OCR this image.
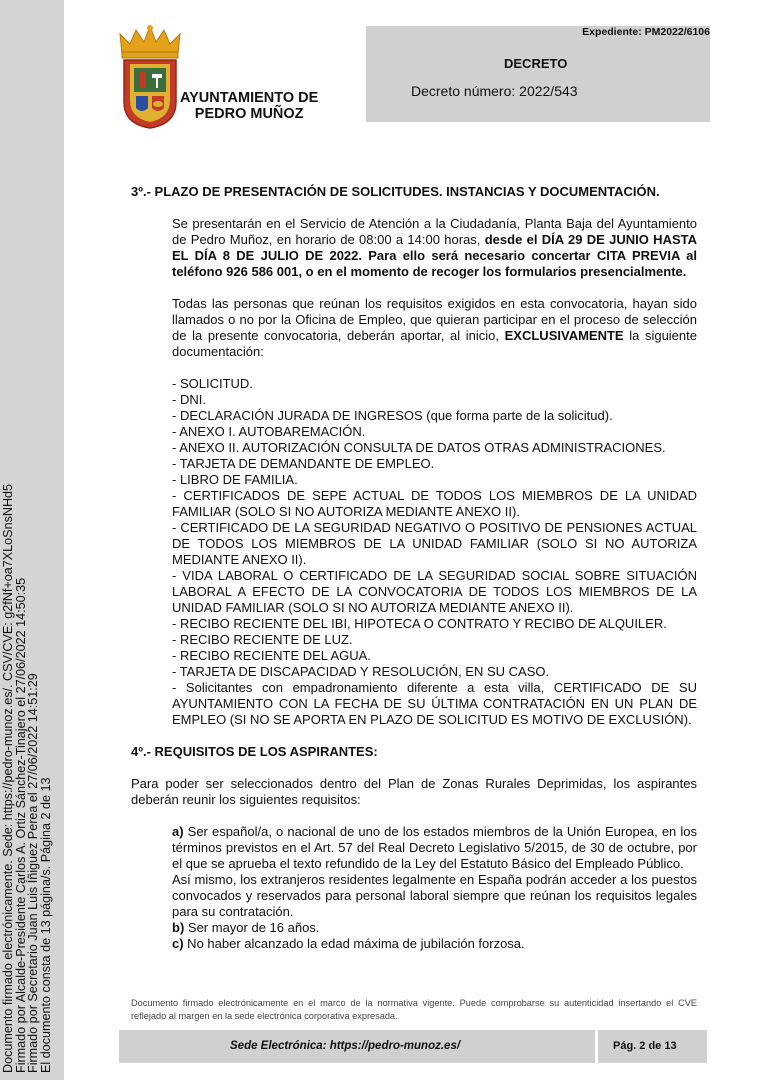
Documento firmado electrónicamente. Sede: https://pedro-munoz.es/. CSV/CVE: g2fNf+oa7XLoSnsNHd5
Firmado por Alcalde-Presidente Carlos A. Ortiz Sánchez-Tinajero el 27/06/2022 14:50:35
Firmado por Secretario Juan Luis Íñiguez Perea el 27/06/2022 14:51:29
El documento consta de 13 página/s. Página 2 de 13
AYUNTAMIENTO DE
PEDRO MUÑOZ
Expediente: PM2022/6106
DECRETO
Decreto número: 2022/543

3º.- PLAZO DE PRESENTACIÓN DE SOLICITUDES. INSTANCIAS Y DOCUMENTACIÓN.

Se presentarán en el Servicio de Atención a la Ciudadanía, Planta Baja del Ayuntamiento de Pedro Muñoz, en horario de 08:00 a 14:00 horas, desde el DÍA 29 DE JUNIO HASTA EL DÍA 8 DE JULIO DE 2022. Para ello será necesario concertar CITA PREVIA al teléfono 926 586 001, o en el momento de recoger los formularios presencialmente.

Todas las personas que reúnan los requisitos exigidos en esta convocatoria, hayan sido llamados o no por la Oficina de Empleo, que quieran participar en el proceso de selección de la presente convocatoria, deberán aportar, al inicio, EXCLUSIVAMENTE la siguiente documentación:

- SOLICITUD.
- DNI.
- DECLARACIÓN JURADA DE INGRESOS (que forma parte de la solicitud).
- ANEXO I. AUTOBAREMACIÓN.
- ANEXO II. AUTORIZACIÓN CONSULTA DE DATOS OTRAS ADMINISTRACIONES.
- TARJETA DE DEMANDANTE DE EMPLEO.
- LIBRO DE FAMILIA.
- CERTIFICADOS DE SEPE ACTUAL DE TODOS LOS MIEMBROS DE LA UNIDAD FAMILIAR (SOLO SI NO AUTORIZA MEDIANTE ANEXO II).
- CERTIFICADO DE LA SEGURIDAD NEGATIVO O POSITIVO DE PENSIONES ACTUAL DE TODOS LOS MIEMBROS DE LA UNIDAD FAMILIAR (SOLO SI NO AUTORIZA MEDIANTE ANEXO II).
- VIDA LABORAL O CERTIFICADO DE LA SEGURIDAD SOCIAL SOBRE SITUACIÓN LABORAL A EFECTO DE LA CONVOCATORIA DE TODOS LOS MIEMBROS DE LA UNIDAD FAMILIAR (SOLO SI NO AUTORIZA MEDIANTE ANEXO II).
- RECIBO RECIENTE DEL IBI, HIPOTECA O CONTRATO Y RECIBO DE ALQUILER.
- RECIBO RECIENTE DE LUZ.
- RECIBO RECIENTE DEL AGUA.
- TARJETA DE DISCAPACIDAD Y RESOLUCIÓN, EN SU CASO.
- Solicitantes con empadronamiento diferente a esta villa, CERTIFICADO DE SU AYUNTAMIENTO CON LA FECHA DE SU ÚLTIMA CONTRATACIÓN EN UN PLAN DE EMPLEO (SI NO SE APORTA EN PLAZO DE SOLICITUD ES MOTIVO DE EXCLUSIÓN).

4º.- REQUISITOS DE LOS ASPIRANTES:

Para poder ser seleccionados dentro del Plan de Zonas Rurales Deprimidas, los aspirantes deberán reunir los siguientes requisitos:

a) Ser español/a, o nacional de uno de los estados miembros de la Unión Europea, en los términos previstos en el Art. 57 del Real Decreto Legislativo 5/2015, de 30 de octubre, por el que se aprueba el texto refundido de la Ley del Estatuto Básico del Empleado Público.

Así mismo, los extranjeros residentes legalmente en España podrán acceder a los puestos convocados y reservados para personal laboral siempre que reúnan los requisitos legales para su contratación.

b) Ser mayor de 16 años.

c) No haber alcanzado la edad máxima de jubilación forzosa.

Documento firmado electrónicamente en el marco de la normativa vigente. Puede comprobarse su autenticidad insertando el CVE reflejado al margen en la sede electrónica corporativa expresada.
Sede Electrónica: https://pedro-munoz.es/	Pág. 2 de 13
